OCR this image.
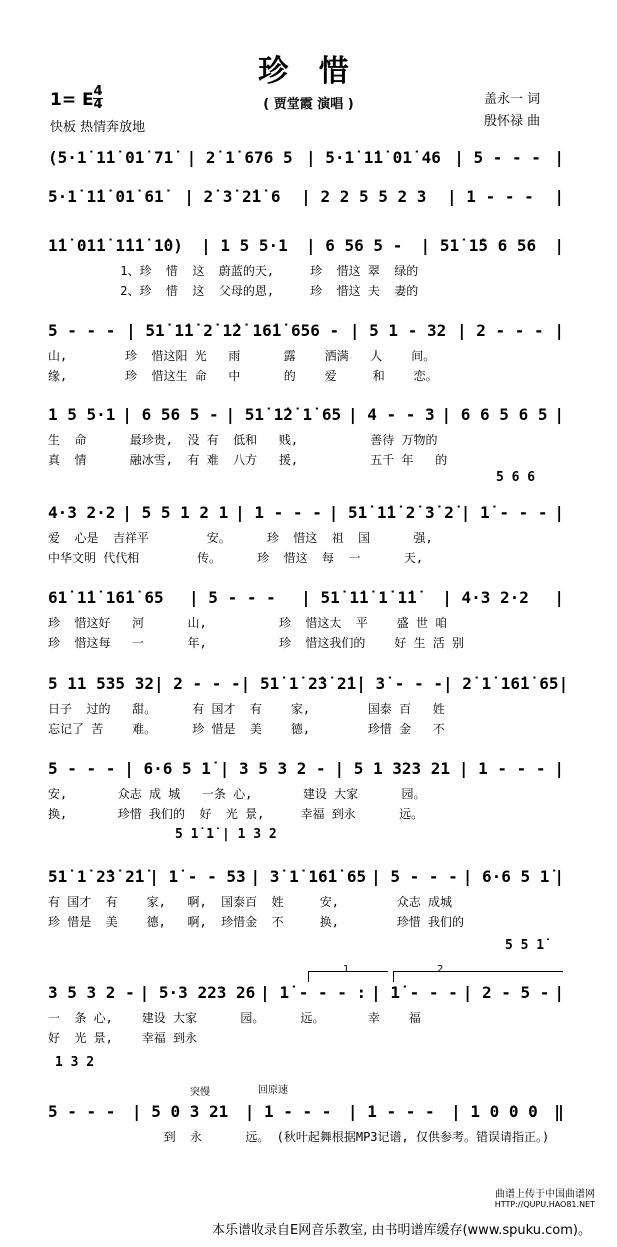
珍 惜
1= E 4
4	( 贾堂霞 演唱 )
快板 热情奔放地
盖永一 词
殷怀禄 曲
(5·1̇ 1̇1̇ 01̇ 71̇ | 2̇ 1̇ 676 5 | 5·1̇ 1̇1̇ 01̇ 46 | 5 - - - |
5·1̇ 1̇1̇ 01̇ 61̇ | 2̇ 3̇ 2̇1̇ 6 | 2 2 5 5 2 3 | 1 - - - |
1̇1̇ 01̇1̇ 1̇1̇1̇ 1̇0) | 1 5 5·1 | 6 56 5 - | 51̇ 1̇5 6 56 |
1、珍  惜  这  蔚蓝的天,     珍  惜这 翠  绿的
2、珍  惜  这  父母的恩,     珍  惜这 夫  妻的
5 - - - | 51̇ 1̇1̇ 2̇ 1̇2̇ 16̇1̇ 656 - | 5 1 - 32 | 2 - - - |
山,        珍  惜这阳 光   雨      露    洒满   人    间。
缘,        珍  惜这生 命   中      的    爱     和    恋。
1 5 5·1 | 6 56 5 - | 51̇ 1̇2̇ 1̇ 65 | 4 - - 3 | 6 6 5 6 5 |
生  命      最珍贵,  没 有  低和   贱,          善待 万物的
真  情      融冰雪,  有 难  八方   援,          五千 年   的
4·3 2·2 | 5 5 1 2 1 | 1 - - - | 51̇ 1̇1̇ 2̇ 3̇ 2̇ | 1̇ - - - |
爱  心是  吉祥平        安。     珍  惜这  祖  国      强,
中华文明 代代相        传。     珍  惜这  每  一      天,
61̇ 1̇1̇ 16̇1̇ 65 | 5 - - - | 51̇ 1̇1̇ 1̇ 1̇1̇ | 4·3 2·2 |
珍  惜这好   河      山,          珍  惜这太  平    盛 世 咱
珍  惜这每   一      年,          珍  惜这我们的    好 生 活 别
5 11 535 32 | 2 - - - | 51̇ 1̇ 2̇3̇ 2̇1̇ | 3̇ - - - | 2̇ 1̇ 16̇1̇ 65 |
日子  过的   甜。     有 国才  有    家,        国泰 百   姓
忘记了 苦    难。     珍 惜是  美    德,        珍惜 金   不
5 - - - | 6·6 5 1̇ | 3 5 3 2 - | 5 1 323 21 | 1 - - - |
安,       众志 成 城   一条 心,       建设 大家      园。
换,       珍惜 我们的  好  光 景,     幸福 到永      远。
51̇ 1̇ 2̇3̇ 2̇1̇ | 1̇ - - 53 | 3̇ 1̇ 16̇1̇ 65 | 5 - - - | 6·6 5 1̇ |
有 国才  有    家,   啊,  国泰百  姓     安,        众志 成城
珍 惜是  美    德,   啊,  珍惜金  不     换,        珍惜 我们的
3 5 3 2 - | 5·3 223 26 | 1̇ - - - : | 1̇ - - - | 2 - 5 - |
一  条 心,    建设 大家      园。     远。      幸    福
好  光 景,    幸福 到永
5 - - - | 5 0 3 21 | 1 - - - | 1 - - - | 1 0 0 0 ‖
到  永      远。 (秋叶起舞根据MP3记谱, 仅供参考。错误请指正。)
5 6 6
5 1̇ 1̇ | 1 3 2
5 5 1̇
1 3 2
1	2
突慢	回原速
曲谱上传于中国曲谱网
HTTP://QUPU.HAO81.NET
本乐谱收录自E网音乐教室, 由书明谱库缓存(www.spuku.com)。
